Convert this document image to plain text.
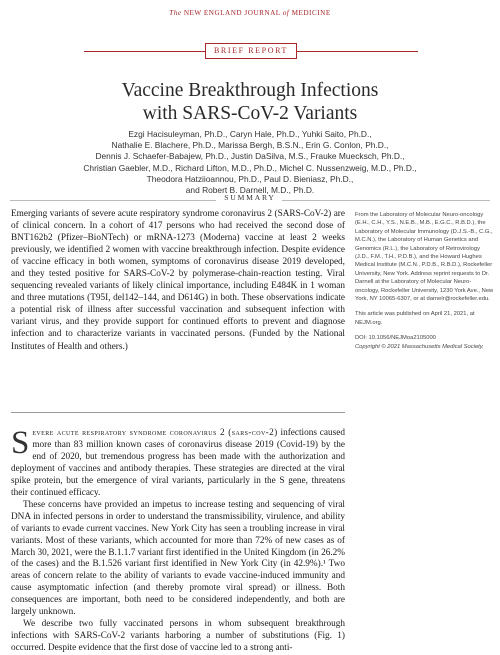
The NEW ENGLAND JOURNAL of MEDICINE
BRIEF REPORT
Vaccine Breakthrough Infections
with SARS-CoV-2 Variants
Ezgi Hacisuleyman, Ph.D., Caryn Hale, Ph.D., Yuhki Saito, Ph.D.,
Nathalie E. Blachere, Ph.D., Marissa Bergh, B.S.N., Erin G. Conlon, Ph.D.,
Dennis J. Schaefer-Babajew, Ph.D., Justin DaSilva, M.S., Frauke Muecksch, Ph.D.,
Christian Gaebler, M.D., Richard Lifton, M.D., Ph.D., Michel C. Nussenzweig, M.D., Ph.D.,
Theodora Hatziioannou, Ph.D., Paul D. Bieniasz, Ph.D.,
and Robert B. Darnell, M.D., Ph.D.
SUMMARY
Emerging variants of severe acute respiratory syndrome coronavirus 2 (SARS-CoV-2) are of clinical concern. In a cohort of 417 persons who had received the second dose of BNT162b2 (Pfizer–BioNTech) or mRNA-1273 (Moderna) vaccine at least 2 weeks previously, we identified 2 women with vaccine breakthrough infection. Despite evidence of vaccine efficacy in both women, symptoms of coronavirus disease 2019 developed, and they tested positive for SARS-CoV-2 by polymerase-chain-reaction testing. Viral sequencing revealed variants of likely clinical importance, including E484K in 1 woman and three mutations (T95I, del142–144, and D614G) in both. These observations indicate a potential risk of illness after successful vaccination and subsequent infection with variant virus, and they provide support for continued efforts to prevent and diagnose infection and to characterize variants in vaccinated persons. (Funded by the National Institutes of Health and others.)

From the Laboratory of Molecular Neuro-oncology (E.H., C.H., Y.S., N.E.B., M.B., E.G.C., R.B.D.), the Laboratory of Molecular Immunology (D.J.S.-B., C.G., M.C.N.), the Laboratory of Human Genetics and Genomics (R.L.), the Laboratory of Retrovirology (J.D., F.M., T.H., P.D.B.), and the Howard Hughes Medical Institute (M.C.N., P.D.B., R.B.D.), Rockefeller University, New York. Address reprint requests to Dr. Darnell at the Laboratory of Molecular Neuro-oncology, Rockefeller University, 1230 York Ave., New York, NY 10065-6307, or at darnelr@rockefeller.edu.

This article was published on April 21, 2021, at NEJM.org.

DOI: 10.1056/NEJMoa2105000

Copyright © 2021 Massachusetts Medical Society.

Severe acute respiratory syndrome coronavirus 2 (sars-cov-2) infections caused more than 83 million known cases of coronavirus disease 2019 (Covid-19) by the end of 2020, but tremendous progress has been made with the authorization and deployment of vaccines and antibody therapies. These strategies are directed at the viral spike protein, but the emergence of viral variants, particularly in the S gene, threatens their continued efficacy.

These concerns have provided an impetus to increase testing and sequencing of viral DNA in infected persons in order to understand the transmissibility, virulence, and ability of variants to evade current vaccines. New York City has seen a troubling increase in viral variants. Most of these variants, which accounted for more than 72% of new cases as of March 30, 2021, were the B.1.1.7 variant first identified in the United Kingdom (in 26.2% of the cases) and the B.1.526 variant first identified in New York City (in 42.9%).¹ Two areas of concern relate to the ability of variants to evade vaccine-induced immunity and cause asymptomatic infection (and thereby promote viral spread) or illness. Both consequences are important, both need to be considered independently, and both are largely unknown.

We describe two fully vaccinated persons in whom subsequent breakthrough infections with SARS-CoV-2 variants harboring a number of substitutions (Fig. 1) occurred. Despite evidence that the first dose of vaccine led to a strong anti-
